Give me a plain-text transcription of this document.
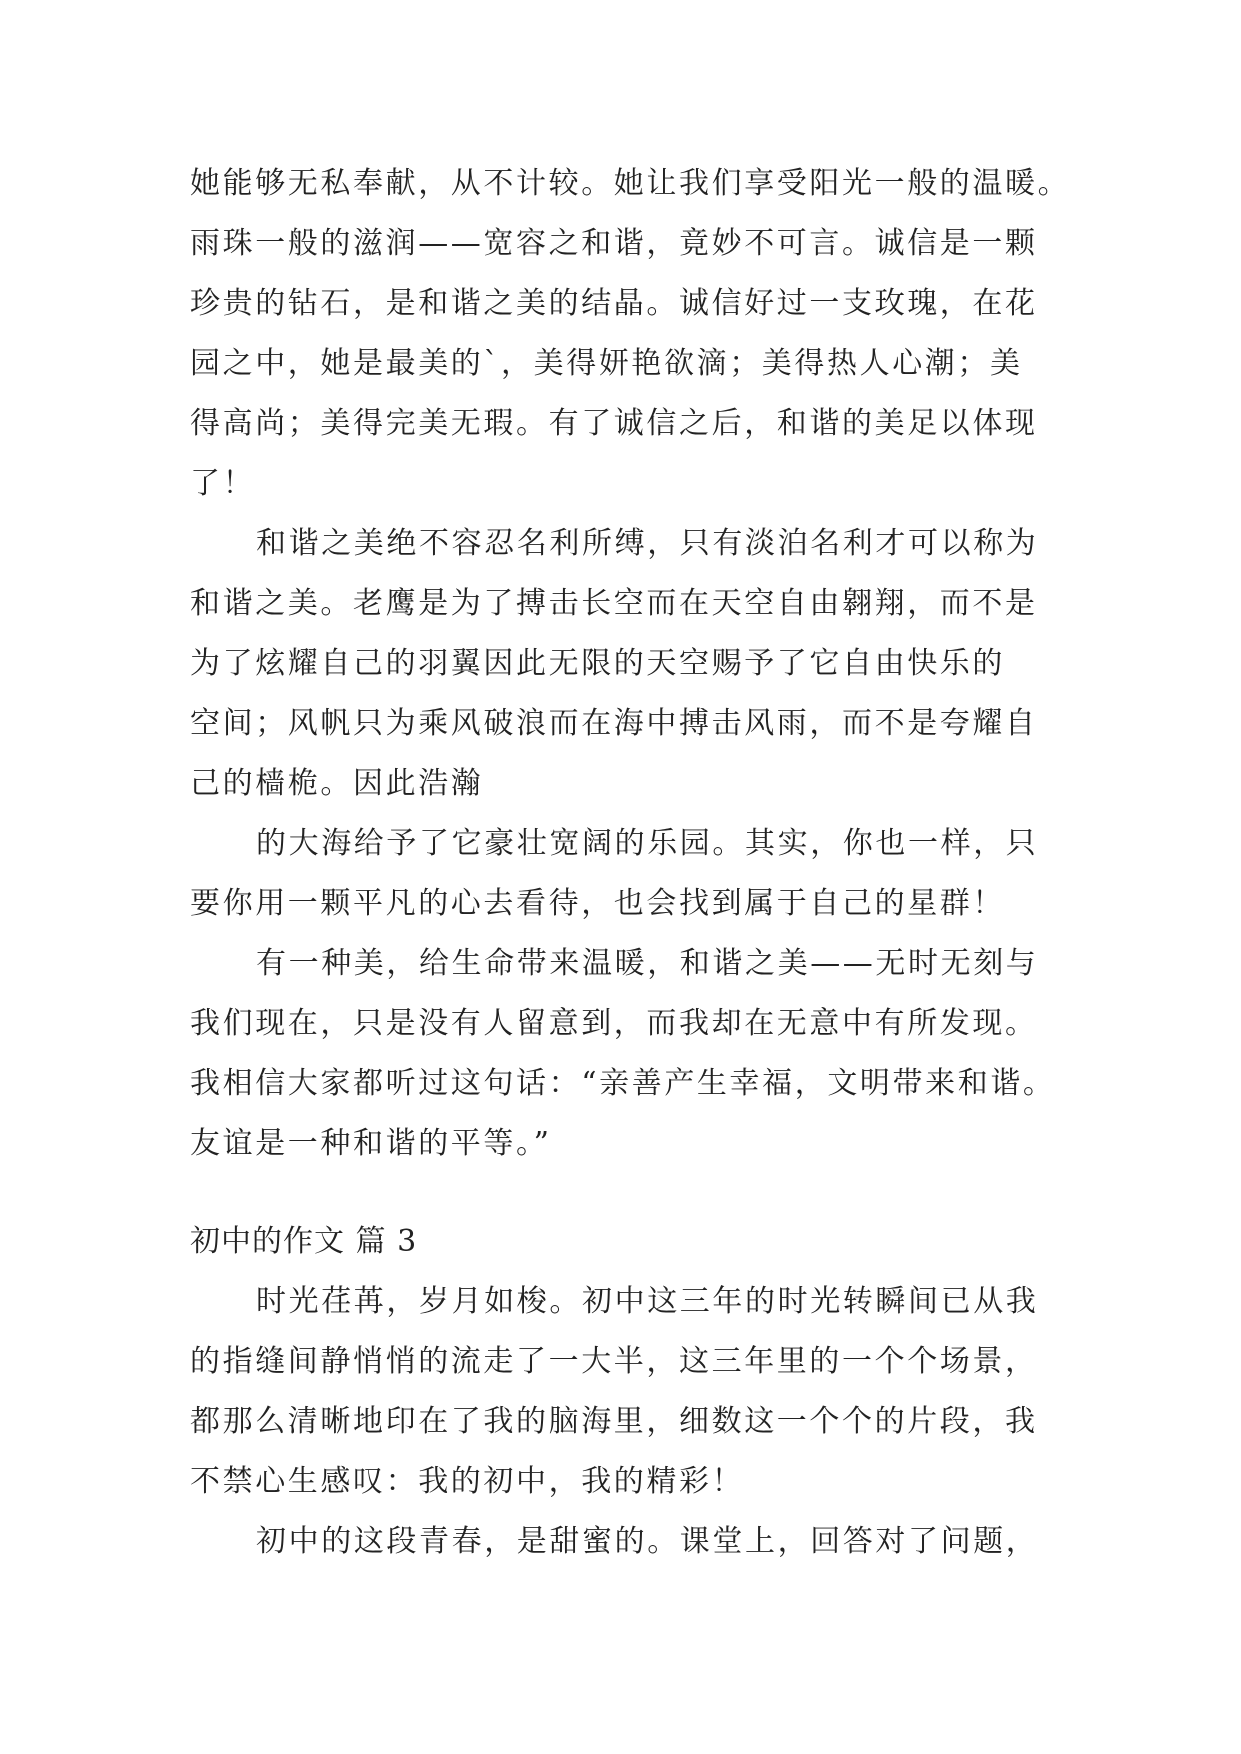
她能够无私奉献，从不计较。她让我们享受阳光一般的温暖。
雨珠一般的滋润——宽容之和谐，竟妙不可言。诚信是一颗
珍贵的钻石，是和谐之美的结晶。诚信好过一支玫瑰，在花
园之中，她是最美的`，美得妍艳欲滴；美得热人心潮；美
得高尚；美得完美无瑕。有了诚信之后，和谐的美足以体现
了！
和谐之美绝不容忍名利所缚，只有淡泊名利才可以称为
和谐之美。老鹰是为了搏击长空而在天空自由翱翔，而不是
为了炫耀自己的羽翼因此无限的天空赐予了它自由快乐的
空间；风帆只为乘风破浪而在海中搏击风雨，而不是夸耀自
己的樯桅。因此浩瀚
的大海给予了它豪壮宽阔的乐园。其实，你也一样，只
要你用一颗平凡的心去看待，也会找到属于自己的星群！
有一种美，给生命带来温暖，和谐之美——无时无刻与
我们现在，只是没有人留意到，而我却在无意中有所发现。
我相信大家都听过这句话：“亲善产生幸福，文明带来和谐。
友谊是一种和谐的平等。”
初中的作文 篇 3
时光荏苒，岁月如梭。初中这三年的时光转瞬间已从我
的指缝间静悄悄的流走了一大半，这三年里的一个个场景，
都那么清晰地印在了我的脑海里，细数这一个个的片段，我
不禁心生感叹：我的初中，我的精彩！
初中的这段青春，是甜蜜的。课堂上，回答对了问题，
